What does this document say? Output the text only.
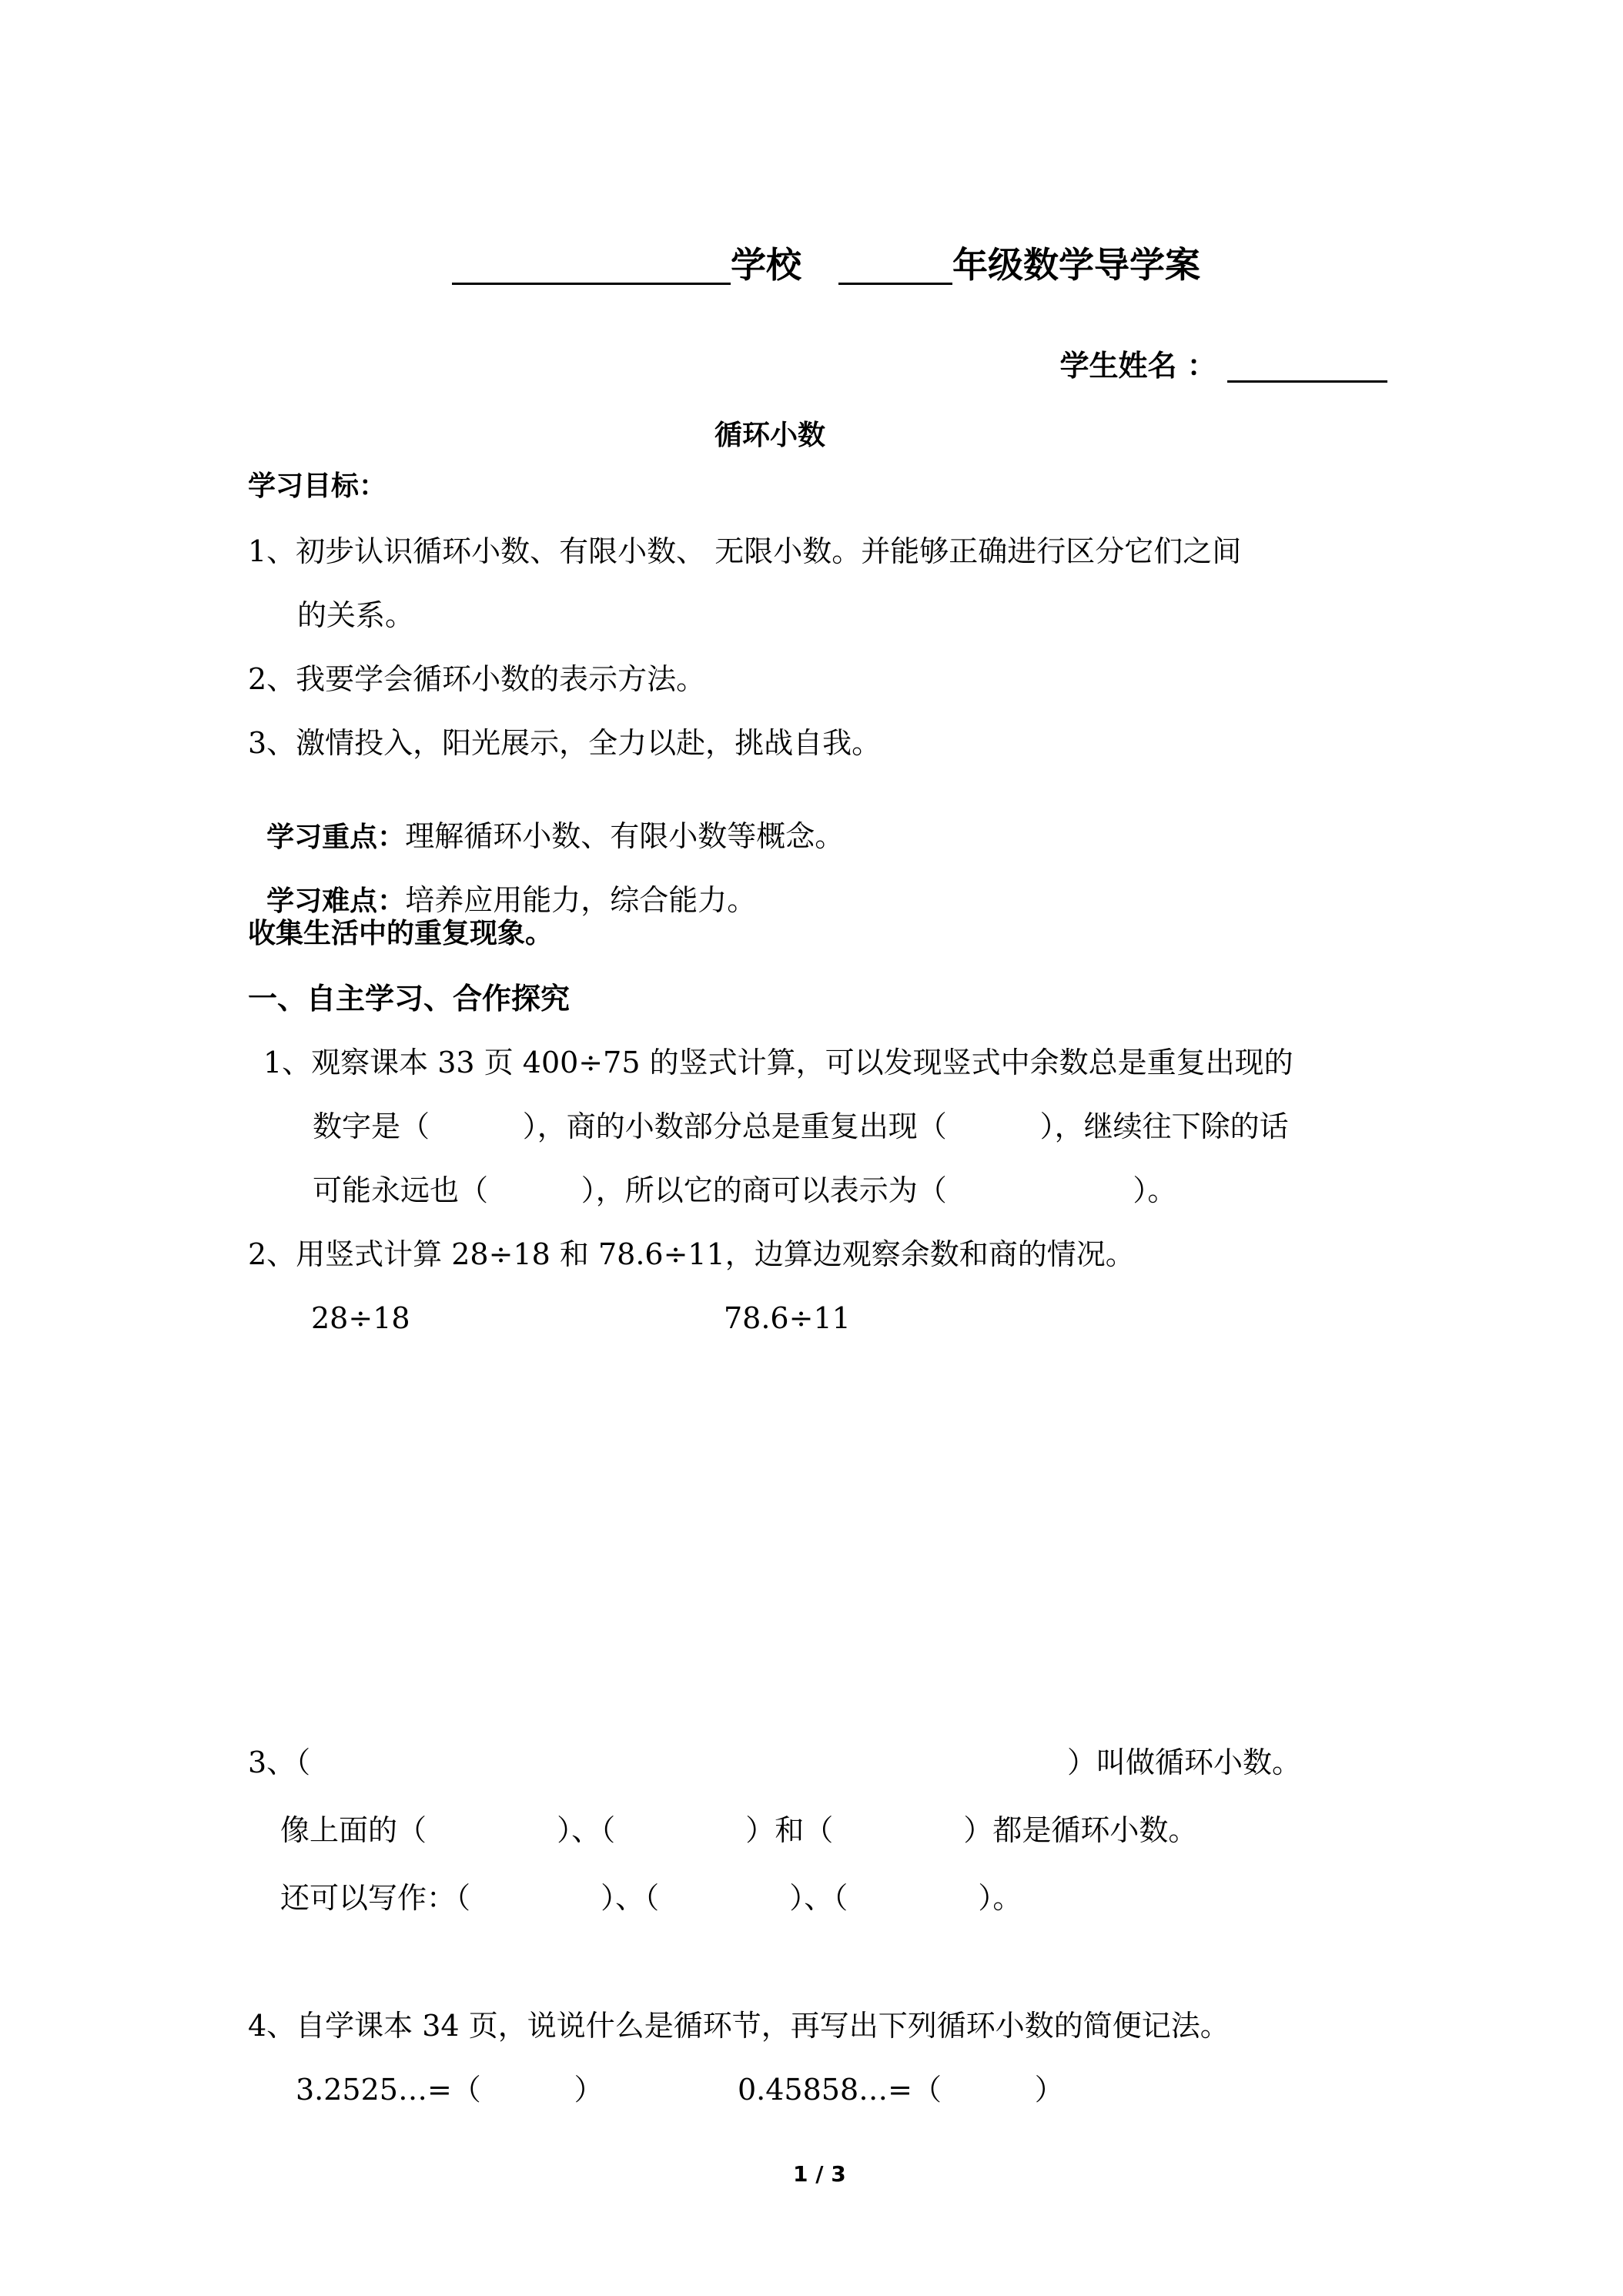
学校	年级数学导学案

学生姓名 ：

循环小数
学习目标：
1、初步认识循环小数、有限小数、 无限小数。并能够正确进行区分它们之间
的关系。
2、我要学会循环小数的表示方法。
3、激情投入，阳光展示，全力以赴，挑战自我。

学习重点：理解循环小数、有限小数等概念。

学习难点：培养应用能力，综合能力。

收集生活中的重复现象。
一、自主学习、合作探究
1、观察课本 33 页 400÷75 的竖式计算，可以发现竖式中余数总是重复出现的
数字是（          ），商的小数部分总是重复出现（          ），继续往下除的话
可能永远也（          ），所以它的商可以表示为（                    ）。
2、用竖式计算 28÷18 和 78.6÷11，边算边观察余数和商的情况。
28÷18	78.6÷11
3、（	）叫做循环小数。
像上面的（              ）、（              ）和（              ）都是循环小数。
还可以写作：（              ）、（              ）、（              ）。
4、自学课本 34 页，说说什么是循环节，再写出下列循环小数的简便记法。
3.2525…=（          ）	0.45858…=（          ）
1 / 3
